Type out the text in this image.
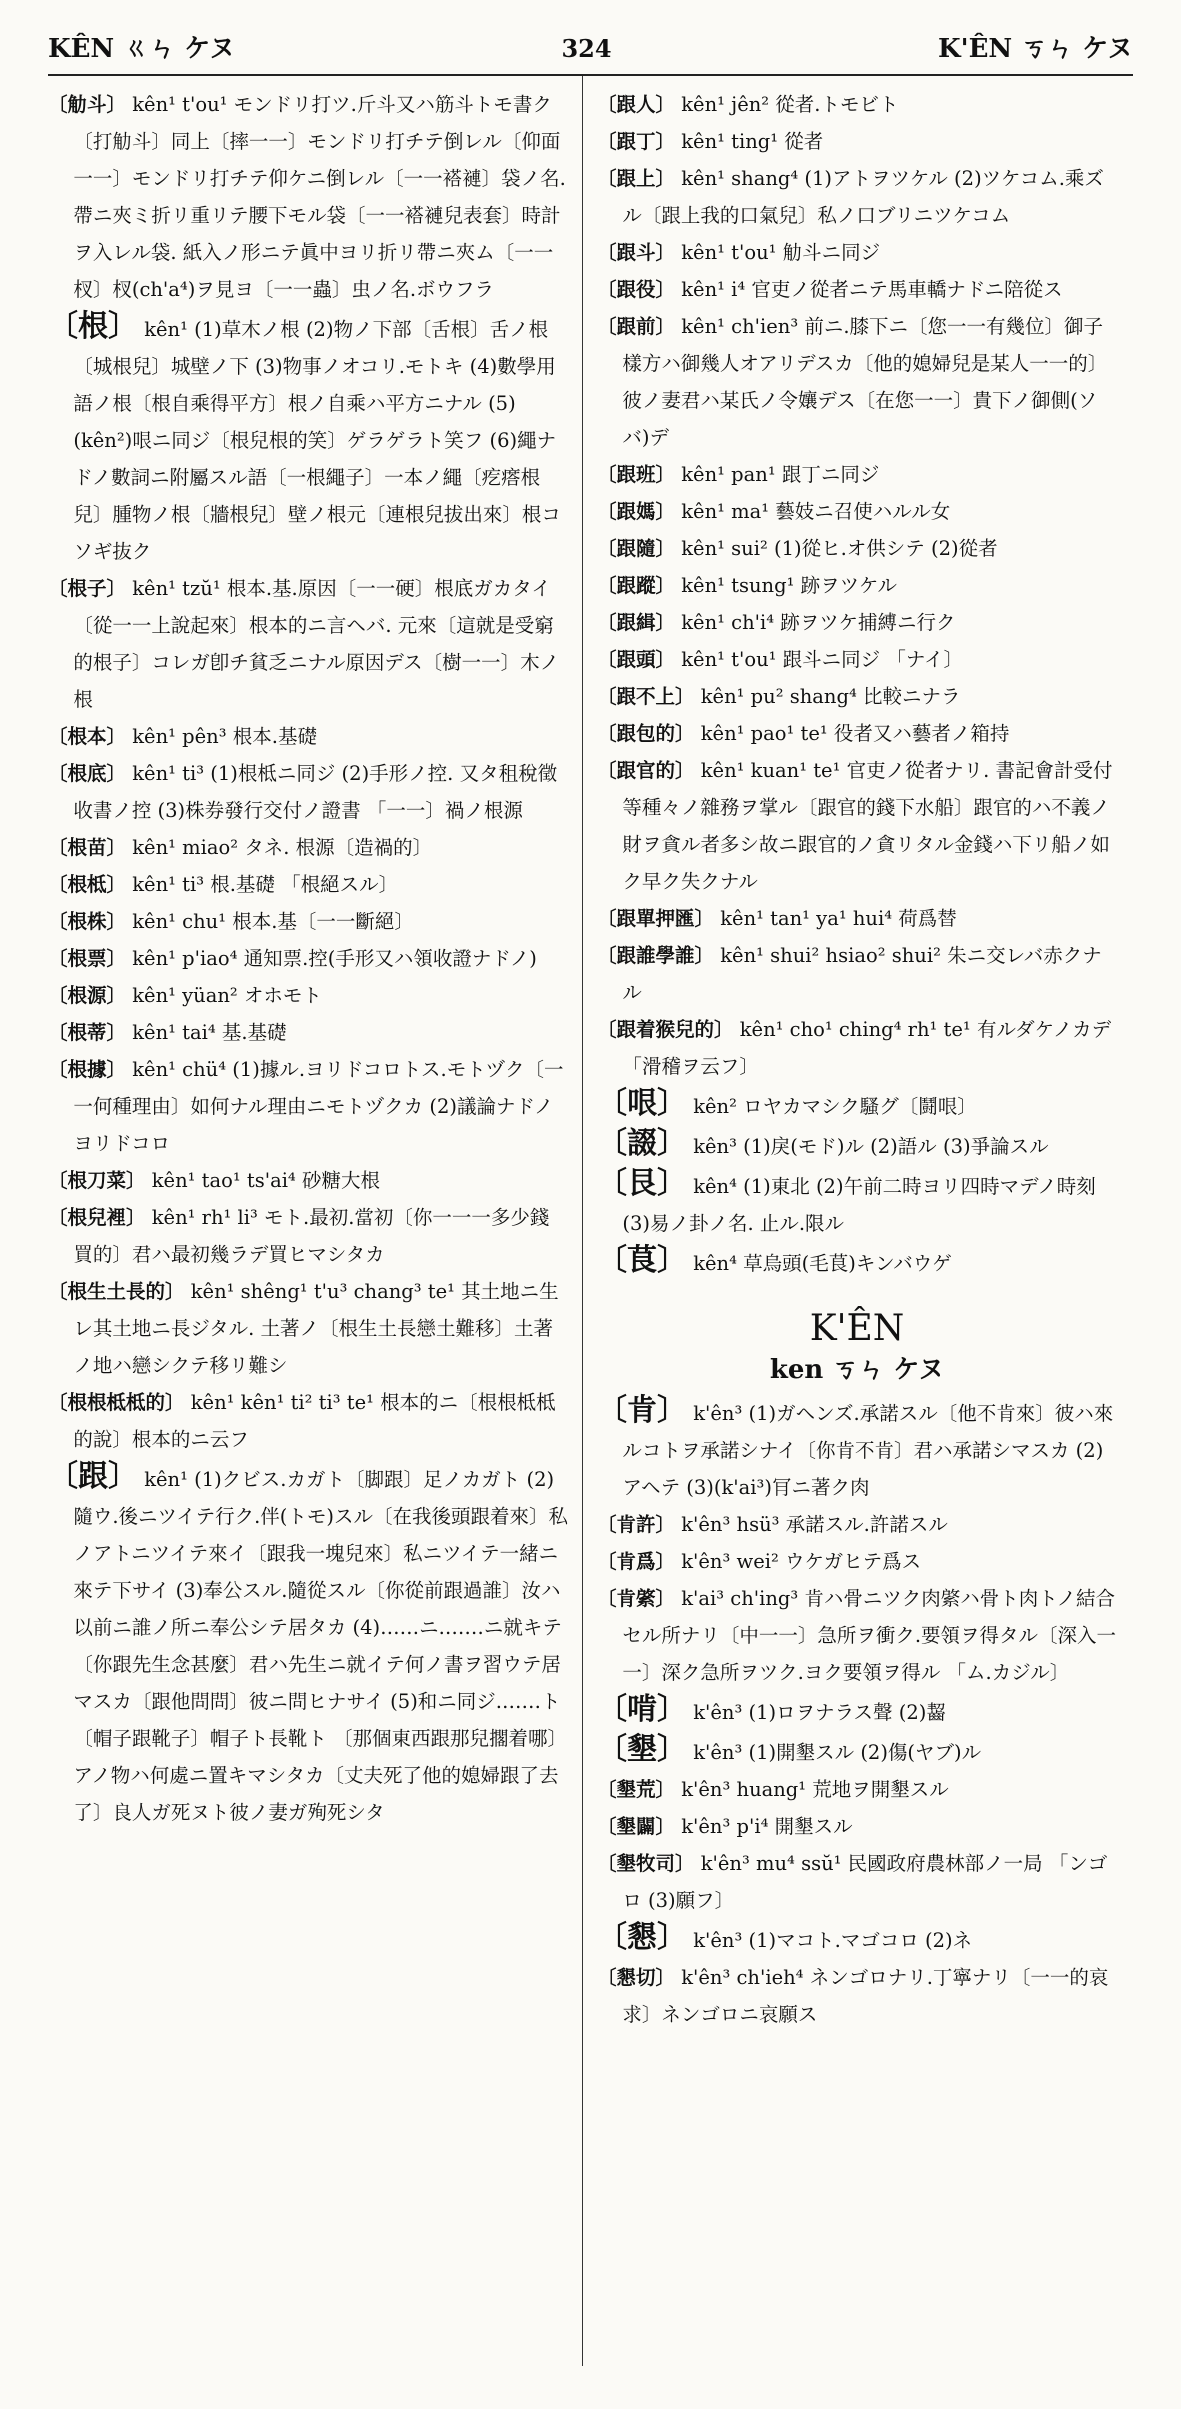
KÊN ㄍㄣ ケヌ	324	K'ÊN ㄎㄣ ケヌ

〔觔斗〕 kên¹ t'ou¹ モンドリ打ツ.斤斗又ハ筋斗トモ書ク〔打觔斗〕同上〔摔一一〕モンドリ打チテ倒レル〔仰面一一〕モンドリ打チテ仰ケニ倒レル〔一一褡褳〕袋ノ名.帶ニ夾ミ折リ重リテ腰下モル袋〔一一褡褳兒表套〕時計ヲ入レル袋. 紙入ノ形ニテ眞中ヨリ折リ帶ニ夾ム〔一一杈〕杈(ch'a⁴)ヲ見ヨ〔一一蟲〕虫ノ名.ボウフラ

〔根〕 kên¹ (1)草木ノ根 (2)物ノ下部〔舌根〕舌ノ根〔城根兒〕城壁ノ下 (3)物事ノオコリ.モトキ (4)數學用語ノ根〔根自乘得平方〕根ノ自乘ハ平方ニナル (5)(kên²)哏ニ同ジ〔根兒根的笑〕ゲラゲラト笑フ (6)繩ナドノ數詞ニ附屬スル語〔一根繩子〕一本ノ繩〔疙瘩根兒〕腫物ノ根〔牆根兒〕壁ノ根元〔連根兒拔出來〕根コソギ抜ク

〔根子〕 kên¹ tzŭ¹ 根本.基.原因〔一一硬〕根底ガカタイ〔從一一上說起來〕根本的ニ言ヘバ. 元來〔這就是受窮的根子〕コレガ卽チ貧乏ニナル原因デス〔樹一一〕木ノ根

〔根本〕 kên¹ pên³ 根本.基礎

〔根底〕 kên¹ ti³ (1)根柢ニ同ジ (2)手形ノ控. 又タ租稅徵收書ノ控 (3)株券發行交付ノ證書 「一一〕禍ノ根源

〔根苗〕 kên¹ miao² タネ. 根源〔造禍的〕

〔根柢〕 kên¹ ti³ 根.基礎 「根絕スル〕

〔根株〕 kên¹ chu¹ 根本.基〔一一斷絕〕

〔根票〕 kên¹ p'iao⁴ 通知票.控(手形又ハ領收證ナドノ)

〔根源〕 kên¹ yüan² オホモト

〔根蒂〕 kên¹ tai⁴ 基.基礎

〔根據〕 kên¹ chü⁴ (1)據ル.ヨリドコロトス.モトヅク〔一一何種理由〕如何ナル理由ニモトヅクカ (2)議論ナドノヨリドコロ

〔根刀菜〕 kên¹ tao¹ ts'ai⁴ 砂糖大根

〔根兒裡〕 kên¹ rh¹ li³ モト.最初.當初〔你一一一多少錢買的〕君ハ最初幾ラデ買ヒマシタカ

〔根生土長的〕 kên¹ shêng¹ t'u³ chang³ te¹ 其土地ニ生レ其土地ニ長ジタル. 土著ノ〔根生土長戀土難移〕土著ノ地ハ戀シクテ移リ難シ

〔根根柢柢的〕 kên¹ kên¹ ti² ti³ te¹ 根本的ニ〔根根柢柢的說〕根本的ニ云フ

〔跟〕 kên¹ (1)クビス.カガト〔脚跟〕足ノカガト (2)隨ウ.後ニツイテ行ク.伴(トモ)スル〔在我後頭跟着來〕私ノアトニツイテ來イ〔跟我一塊兒來〕私ニツイテ一緒ニ來テ下サイ (3)奉公スル.隨從スル〔你從前跟過誰〕汝ハ以前ニ誰ノ所ニ奉公シテ居タカ (4)……ニ.……ニ就キテ〔你跟先生念甚麼〕君ハ先生ニ就イテ何ノ書ヲ習ウテ居マスカ〔跟他問問〕彼ニ問ヒナサイ (5)和ニ同ジ.……ト〔帽子跟靴子〕帽子ト長靴ト 〔那個東西跟那兒擱着哪〕アノ物ハ何處ニ置キマシタカ〔丈夫死了他的媳婦跟了去了〕良人ガ死ヌト彼ノ妻ガ殉死シタ

〔跟人〕 kên¹ jên² 從者.トモビト

〔跟丁〕 kên¹ ting¹ 從者

〔跟上〕 kên¹ shang⁴ (1)アトヲツケル (2)ツケコム.乘ズル〔跟上我的口氣兒〕私ノ口ブリニツケコム

〔跟斗〕 kên¹ t'ou¹ 觔斗ニ同ジ

〔跟役〕 kên¹ i⁴ 官吏ノ從者ニテ馬車轎ナドニ陪從ス

〔跟前〕 kên¹ ch'ien³ 前ニ.膝下ニ〔您一一有幾位〕御子樣方ハ御幾人オアリデスカ〔他的媳婦兒是某人一一的〕彼ノ妻君ハ某氏ノ令孃デス〔在您一一〕貴下ノ御側(ソバ)デ

〔跟班〕 kên¹ pan¹ 跟丁ニ同ジ

〔跟媽〕 kên¹ ma¹ 藝妓ニ召使ハルル女

〔跟隨〕 kên¹ sui² (1)從ヒ.オ供シテ (2)從者

〔跟蹤〕 kên¹ tsung¹ 跡ヲツケル

〔跟緝〕 kên¹ ch'i⁴ 跡ヲツケ捕縛ニ行ク

〔跟頭〕 kên¹ t'ou¹ 跟斗ニ同ジ 「ナイ〕

〔跟不上〕 kên¹ pu² shang⁴ 比較ニナラ

〔跟包的〕 kên¹ pao¹ te¹ 役者又ハ藝者ノ箱持

〔跟官的〕 kên¹ kuan¹ te¹ 官吏ノ從者ナリ. 書記會計受付等種々ノ雜務ヲ掌ル〔跟官的錢下水船〕跟官的ハ不義ノ財ヲ貪ル者多シ故ニ跟官的ノ貪リタル金錢ハ下リ船ノ如ク早ク失クナル

〔跟單押匯〕 kên¹ tan¹ ya¹ hui⁴ 荷爲替

〔跟誰學誰〕 kên¹ shui² hsiao² shui² 朱ニ交レバ赤クナル

〔跟着猴兒的〕 kên¹ cho¹ ching⁴ rh¹ te¹ 有ルダケノカデ 「滑稽ヲ云フ〕

〔哏〕 kên² ロヤカマシク騷グ〔鬪哏〕

〔諁〕 kên³ (1)戾(モド)ル (2)語ル (3)爭論スル

〔艮〕 kên⁴ (1)東北 (2)午前二時ヨリ四時マデノ時刻 (3)易ノ卦ノ名. 止ル.限ル

〔茛〕 kên⁴ 草烏頭(毛茛)キンバウゲ

K'ÊN
ken ㄎㄣ ケヌ

〔肯〕 k'ên³ (1)ガヘンズ.承諾スル〔他不肯來〕彼ハ來ルコトヲ承諾シナイ〔你肯不肯〕君ハ承諾シマスカ (2)アヘテ (3)(k'ai³)肎ニ著ク肉

〔肯許〕 k'ên³ hsü³ 承諾スル.許諾スル

〔肯爲〕 k'ên³ wei² ウケガヒテ爲ス

〔肯綮〕 k'ai³ ch'ing³ 肯ハ骨ニツク肉綮ハ骨ト肉トノ結合セル所ナリ〔中一一〕急所ヲ衝ク.要領ヲ得タル〔深入一一〕深ク急所ヲツク.ヨク要領ヲ得ル 「ム.カジル〕

〔啃〕 k'ên³ (1)ロヲナラス聲 (2)齧

〔墾〕 k'ên³ (1)開墾スル (2)傷(ヤブ)ル

〔墾荒〕 k'ên³ huang¹ 荒地ヲ開墾スル

〔墾闢〕 k'ên³ p'i⁴ 開墾スル

〔墾牧司〕 k'ên³ mu⁴ ssŭ¹ 民國政府農林部ノ一局 「ンゴロ (3)願フ〕

〔懇〕 k'ên³ (1)マコト.マゴコロ (2)ネ

〔懇切〕 k'ên³ ch'ieh⁴ ネンゴロナリ.丁寧ナリ〔一一的哀求〕ネンゴロニ哀願ス
